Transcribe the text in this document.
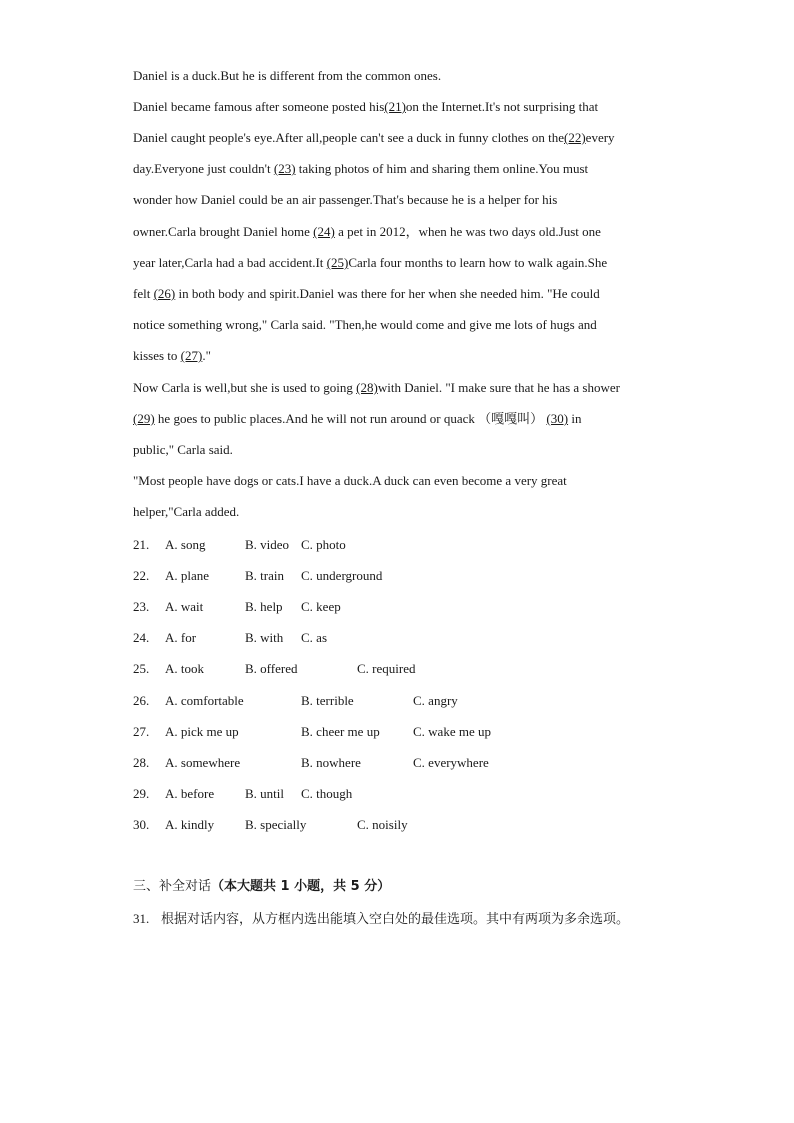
Daniel is a duck.But he is different from the common ones.
Daniel became famous after someone posted his(21)on the Internet.It's not surprising that
Daniel caught people's eye.After all,people can't see a duck in funny clothes on the(22)every
day.Everyone just couldn't (23) taking photos of him and sharing them online.You must
wonder how Daniel could be an air passenger.That's because he is a helper for his
owner.Carla brought Daniel home (24) a pet in 2012，when he was two days old.Just one
year later,Carla had a bad accident.It (25)Carla four months to learn how to walk again.She
felt (26) in both body and spirit.Daniel was there for her when she needed him. "He could
notice something wrong," Carla said. "Then,he would come and give me lots of hugs and
kisses to (27)."
Now Carla is well,but she is used to going (28)with Daniel. "I make sure that he has a shower
(29) he goes to public places.And he will not run around or quack （嘎嘎叫） (30) in
public," Carla said.
"Most people have dogs or cats.I have a duck.A duck can even become a very great
helper,"Carla added.
21.	A. song	B. video C. photo
22.	A. plane	B. train C. underground
23.	A. wait	B. help C. keep
24.	A. for	B. with C. as
25.	A. took	B. offered	C. required
26.	A. comfortable	B. terrible	C. angry
27.	A. pick me up	B. cheer me up	C. wake me up
28.	A. somewhere	B. nowhere	C. everywhere
29.	A. before B. until C. though
30.	A. kindly B. specially	C. noisily
三、补全对话（本大题共 1 小题，共 5 分）
31. 根据对话内容，从方框内选出能填入空白处的最佳选项。其中有两项为多余选项。
